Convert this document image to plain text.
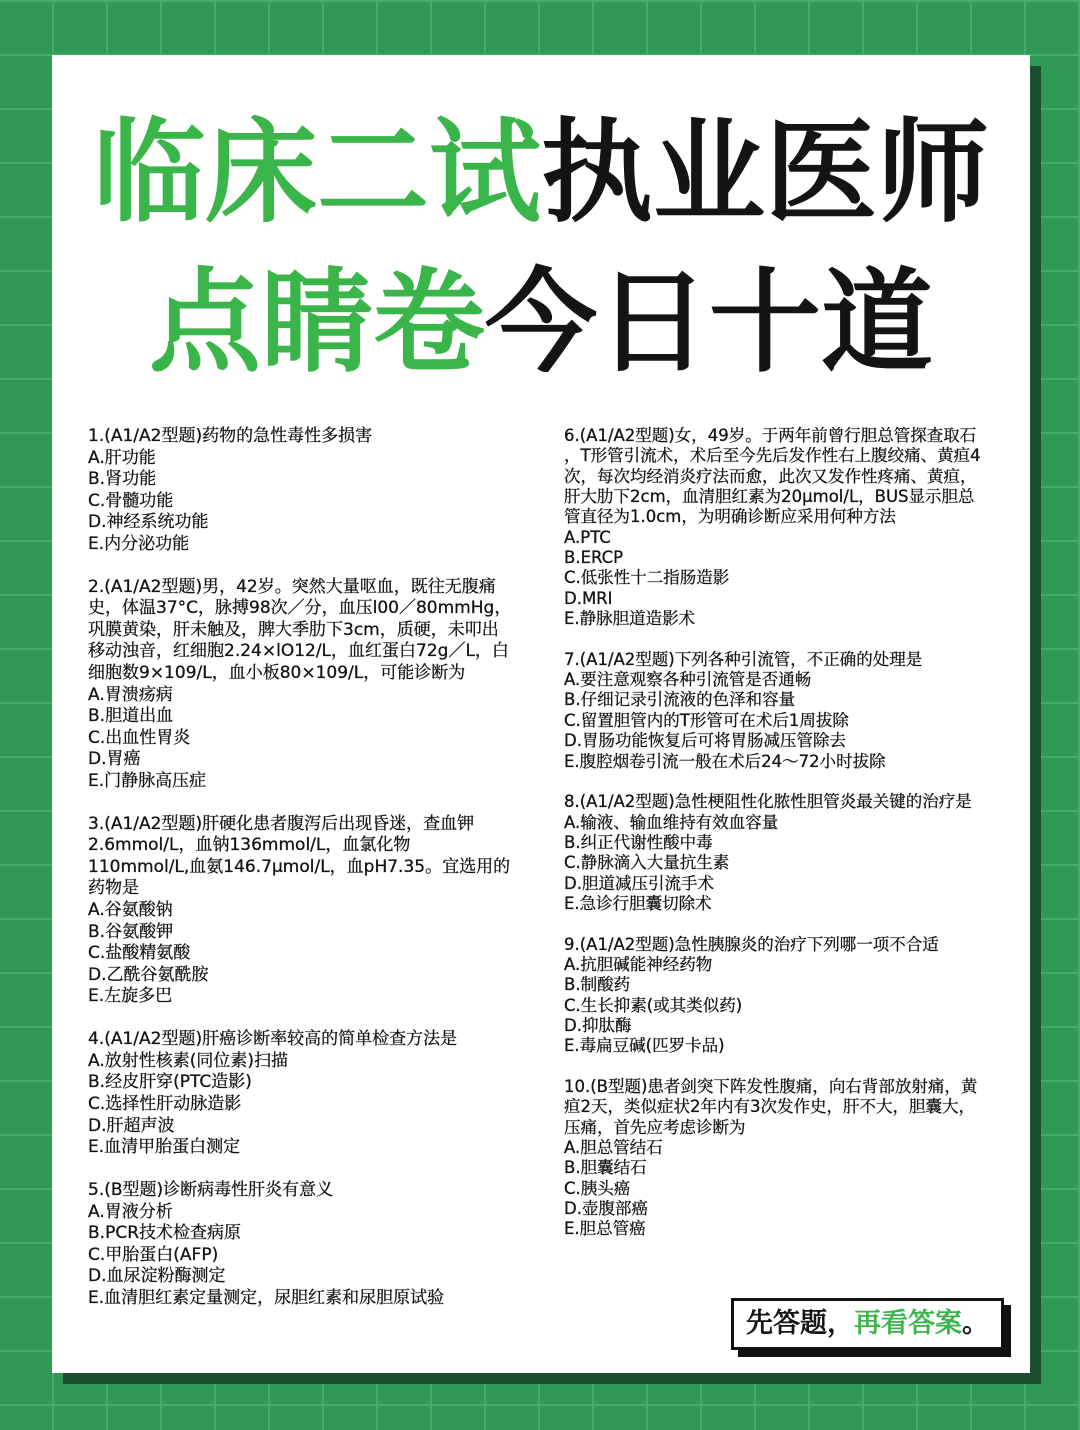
临床二试执业医师
点睛卷今日十道
1.(A1/A2型题)药物的急性毒性多损害
A.肝功能
B.肾功能
C.骨髓功能
D.神经系统功能
E.内分泌功能
2.(A1/A2型题)男，42岁。突然大量呕血，既往无腹痛
史，体温37°C，脉搏98次／分，血压l00／80mmHg，
巩膜黄染，肝未触及，脾大季肋下3cm，质硬，未叩出
移动浊音，红细胞2.24×lO12/L，血红蛋白72g／L，白
细胞数9×109/L，血小板80×109/L，可能诊断为
A.胃溃疡病
B.胆道出血
C.出血性胃炎
D.胃癌
E.门静脉高压症
3.(A1/A2型题)肝硬化患者腹泻后出现昏迷，查血钾
2.6mmol/L，血钠136mmol/L，血氯化物
110mmol/L,血氨146.7μmol/L，血pH7.35。宜选用的
药物是
A.谷氨酸钠
B.谷氨酸钾
C.盐酸精氨酸
D.乙酰谷氨酰胺
E.左旋多巴
4.(A1/A2型题)肝癌诊断率较高的简单检查方法是
A.放射性核素(同位素)扫描
B.经皮肝穿(PTC造影)
C.选择性肝动脉造影
D.肝超声波
E.血清甲胎蛋白测定
5.(B型题)诊断病毒性肝炎有意义
A.胃液分析
B.PCR技术检查病原
C.甲胎蛋白(AFP)
D.血尿淀粉酶测定
E.血清胆红素定量测定，尿胆红素和尿胆原试验
6.(A1/A2型题)女，49岁。于两年前曾行胆总管探查取石
，T形管引流术，术后至今先后发作性右上腹绞痛、黄疸4
次，每次均经消炎疗法而愈，此次又发作性疼痛、黄疸，
肝大肋下2cm，血清胆红素为20μmol/L，BUS显示胆总
管直径为1.0cm，为明确诊断应采用何种方法
A.PTC
B.ERCP
C.低张性十二指肠造影
D.MRI
E.静脉胆道造影术
7.(A1/A2型题)下列各种引流管，不正确的处理是
A.要注意观察各种引流管是否通畅
B.仔细记录引流液的色泽和容量
C.留置胆管内的T形管可在术后1周拔除
D.胃肠功能恢复后可将胃肠减压管除去
E.腹腔烟卷引流一般在术后24～72小时拔除
8.(A1/A2型题)急性梗阻性化脓性胆管炎最关键的治疗是
A.输液、输血维持有效血容量
B.纠正代谢性酸中毒
C.静脉滴入大量抗生素
D.胆道减压引流手术
E.急诊行胆囊切除术
9.(A1/A2型题)急性胰腺炎的治疗下列哪一项不合适
A.抗胆碱能神经药物
B.制酸药
C.生长抑素(或其类似药)
D.抑肽酶
E.毒扁豆碱(匹罗卡品)
10.(B型题)患者剑突下阵发性腹痛，向右背部放射痛，黄
疸2天，类似症状2年内有3次发作史，肝不大，胆囊大，
压痛，首先应考虑诊断为
A.胆总管结石
B.胆囊结石
C.胰头癌
D.壶腹部癌
E.胆总管癌
先答题，再看答案。
